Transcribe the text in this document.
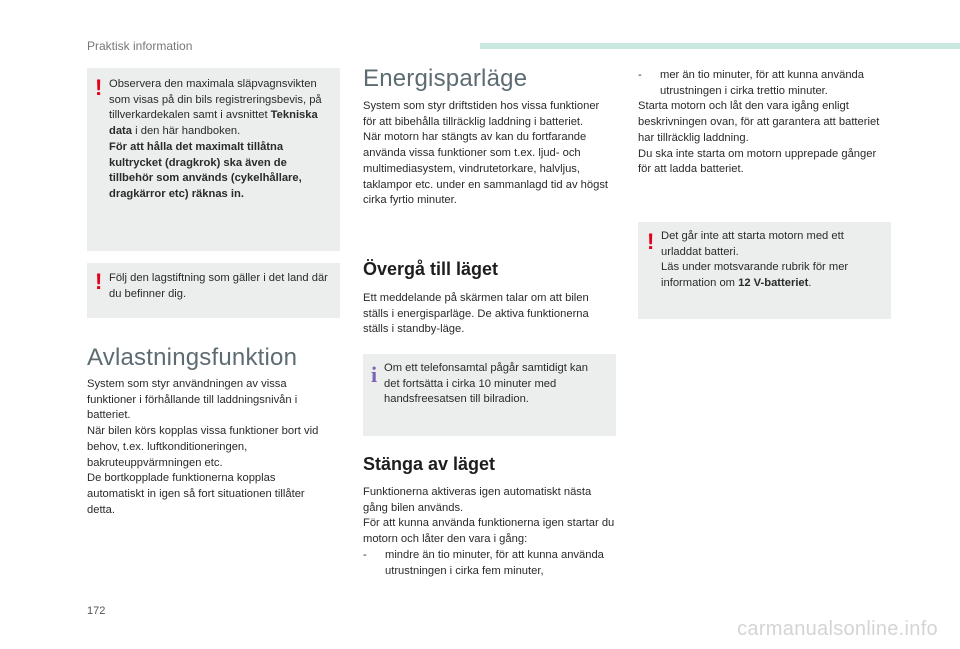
Praktisk information
! Observera den maximala släpvagnsvikten som visas på din bils registreringsbevis, på tillverkardekalen samt i avsnittet Tekniska data i den här handboken.

För att hålla det maximalt tillåtna kultrycket (dragkrok) ska även de tillbehör som används (cykelhållare, dragkärror etc) räknas in.

! Följ den lagstiftning som gäller i det land där du befinner dig.

Avlastningsfunktion

System som styr användningen av vissa funktioner i förhållande till laddningsnivån i batteriet.

När bilen körs kopplas vissa funktioner bort vid behov, t.ex. luftkonditioneringen, bakruteuppvärmningen etc.

De bortkopplade funktionerna kopplas automatiskt in igen så fort situationen tillåter detta.

Energisparläge

System som styr driftstiden hos vissa funktioner för att bibehålla tillräcklig laddning i batteriet.

När motorn har stängts av kan du fortfarande använda vissa funktioner som t.ex. ljud- och multimediasystem, vindrutetorkare, halvljus, taklampor etc. under en sammanlagd tid av högst cirka fyrtio minuter.

Övergå till läget

Ett meddelande på skärmen talar om att bilen ställs i energisparläge. De aktiva funktionerna ställs i standby-läge.

i Om ett telefonsamtal pågår samtidigt kan det fortsätta i cirka 10 minuter med handsfreesatsen till bilradion.

Stänga av läget

Funktionerna aktiveras igen automatiskt nästa gång bilen används.

För att kunna använda funktionerna igen startar du motorn och låter den vara i gång:

- mindre än tio minuter, för att kunna använda utrustningen i cirka fem minuter,
- mer än tio minuter, för att kunna använda utrustningen i cirka trettio minuter.

Starta motorn och låt den vara igång enligt beskrivningen ovan, för att garantera att batteriet har tillräcklig laddning.

Du ska inte starta om motorn upprepade gånger för att ladda batteriet.

! Det går inte att starta motorn med ett urladdat batteri.

Läs under motsvarande rubrik för mer information om 12 V-batteriet.

172
carmanualsonline.info
